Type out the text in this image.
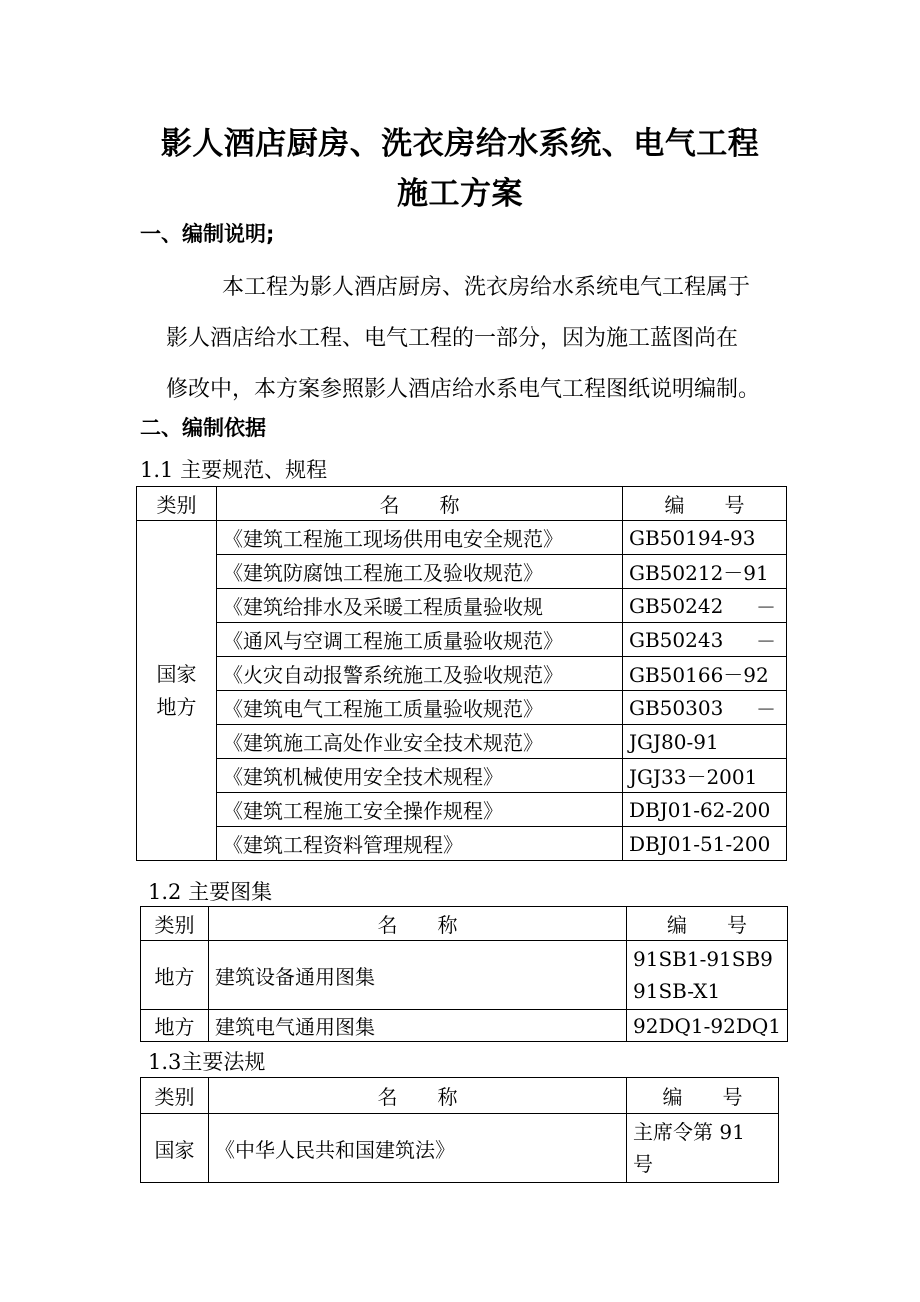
影人酒店厨房、洗衣房给水系统、电气工程
施工方案
一、编制说明;

本工程为影人酒店厨房、洗衣房给水系统电气工程属于
影人酒店给水工程、电气工程的一部分，因为施工蓝图尚在
修改中，本方案参照影人酒店给水系电气工程图纸说明编制。

二、编制依据

1.1 主要规范、规程

类别	名　　称	编　　号
国家
地方	《建筑工程施工现场供用电安全规范》	GB50194-93

	《建筑防腐蚀工程施工及验收规范》	GB50212－91

	《建筑给排水及采暖工程质量验收规	GB50242 －

	《通风与空调工程施工质量验收规范》	GB50243 －

	《火灾自动报警系统施工及验收规范》	GB50166－92

	《建筑电气工程施工质量验收规范》	GB50303 －

	《建筑施工高处作业安全技术规范》	JGJ80-91

	《建筑机械使用安全技术规程》	JGJ33－2001

	《建筑工程施工安全操作规程》	DBJ01-62-200

	《建筑工程资料管理规程》	DBJ01-51-200

1.2 主要图集

类别	名　　称	编　　号
地方	建筑设备通用图集	91SB1-91SB9
91SB-X1
地方	建筑电气通用图集	92DQ1-92DQ1

1.3主要法规

类别	名　　称	编　　号
国家	《中华人民共和国建筑法》	主席令第 91
号
